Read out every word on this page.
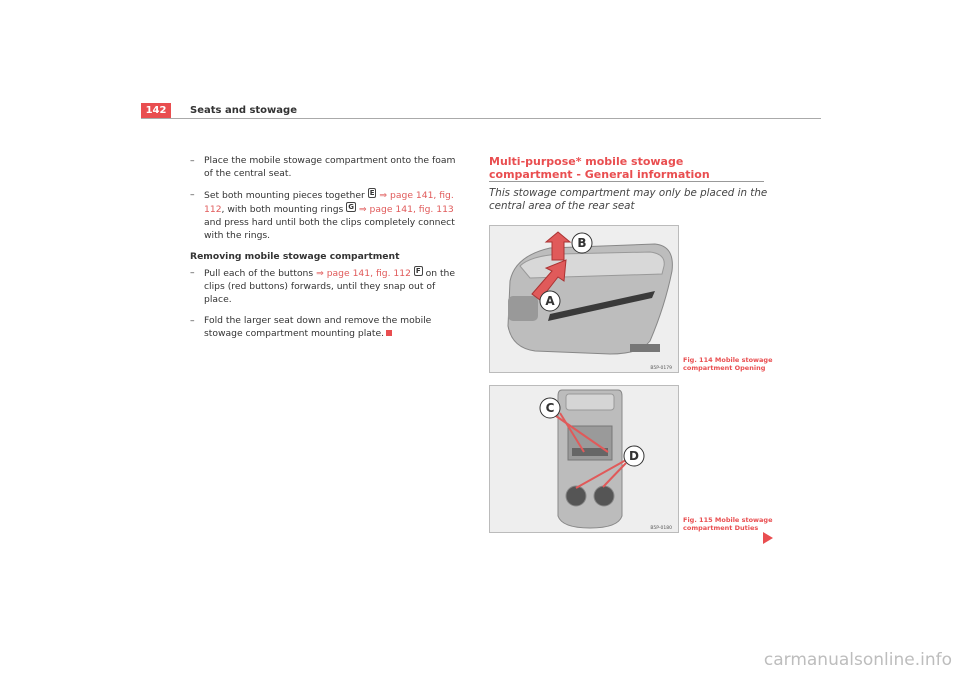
142	Seats and stowage
– Place the mobile stowage compartment onto the foam of the central seat.
– Set both mounting pieces together E ⇒ page 141, fig. 112, with both mounting rings G ⇒ page 141, fig. 113 and press hard until both the clips completely connect with the rings.
Removing mobile stowage compartment
– Pull each of the buttons ⇒ page 141, fig. 112 F on the clips (red buttons) forwards, until they snap out of place.
– Fold the larger seat down and remove the mobile stowage compartment mounting plate.
Multi-purpose* mobile stowage compartment - General information
This stowage compartment may only be placed in the central area of the rear seat
B
A
B5P-0179
Fig. 114 Mobile stowage compartment Opening
C
D
B5P-0180
Fig. 115 Mobile stowage compartment Duties
carmanualsonline.info
